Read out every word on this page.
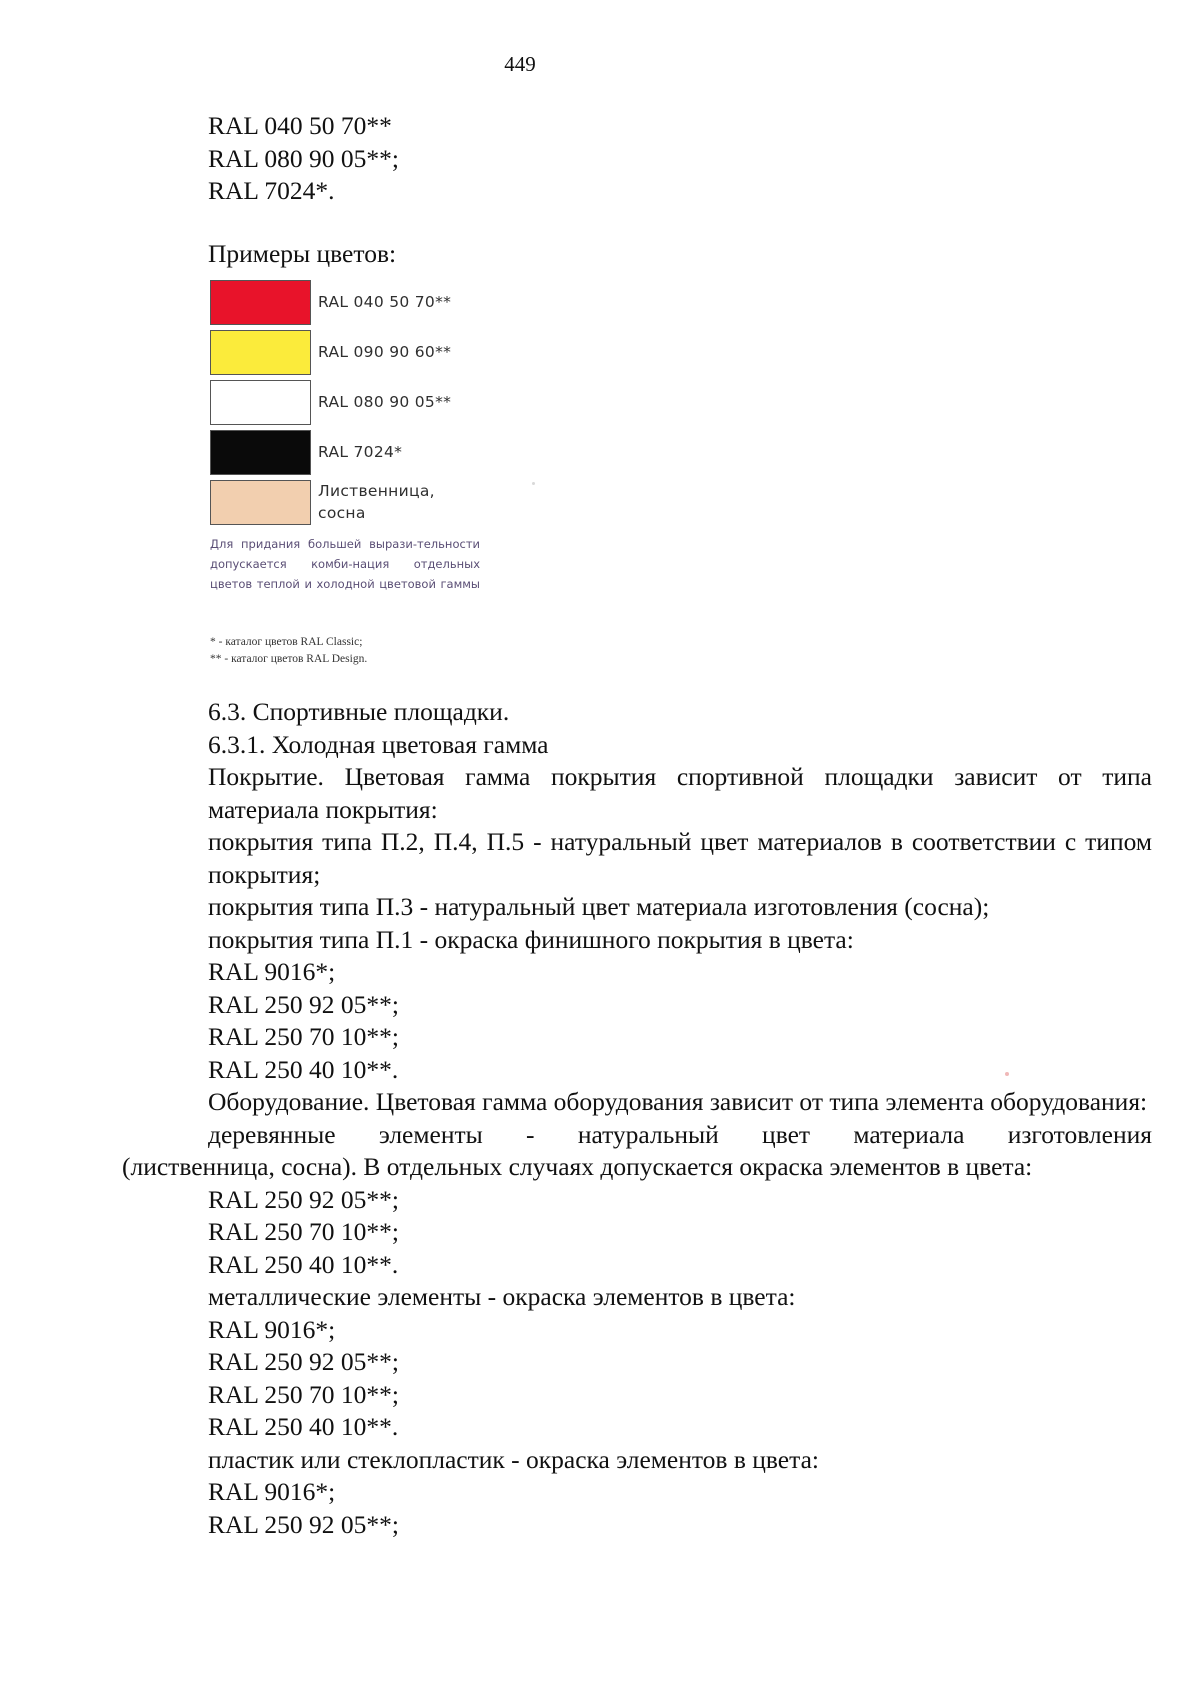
449

RAL 040 50 70**

RAL 080 90 05**;

RAL 7024*.

Примеры цветов:

RAL 040 50 70**
RAL 090 90 60**
RAL 080 90 05**
RAL 7024*
Лиственница, сосна
Для придания большей вырази-тельности допускается комби-нация отдельных цветов теплой и холодной цветовой гаммы
* - каталог цветов RAL Classic;
** - каталог цветов RAL Design.

6.3. Спортивные площадки.

6.3.1. Холодная цветовая гамма

Покрытие. Цветовая гамма покрытия спортивной площадки зависит от типа материала покрытия:

покрытия типа П.2, П.4, П.5 - натуральный цвет материалов в соответствии с типом покрытия;

покрытия типа П.3 - натуральный цвет материала изготовления (сосна);

покрытия типа П.1 - окраска финишного покрытия в цвета:

RAL 9016*;

RAL 250 92 05**;

RAL 250 70 10**;

RAL 250 40 10**.

Оборудование. Цветовая гамма оборудования зависит от типа элемента оборудования:

деревянные элементы - натуральный цвет материала изготовления

(лиственница, сосна). В отдельных случаях допускается окраска элементов в цвета:

RAL 250 92 05**;

RAL 250 70 10**;

RAL 250 40 10**.

металлические элементы - окраска элементов в цвета:

RAL 9016*;

RAL 250 92 05**;

RAL 250 70 10**;

RAL 250 40 10**.

пластик или стеклопластик - окраска элементов в цвета:

RAL 9016*;

RAL 250 92 05**;
